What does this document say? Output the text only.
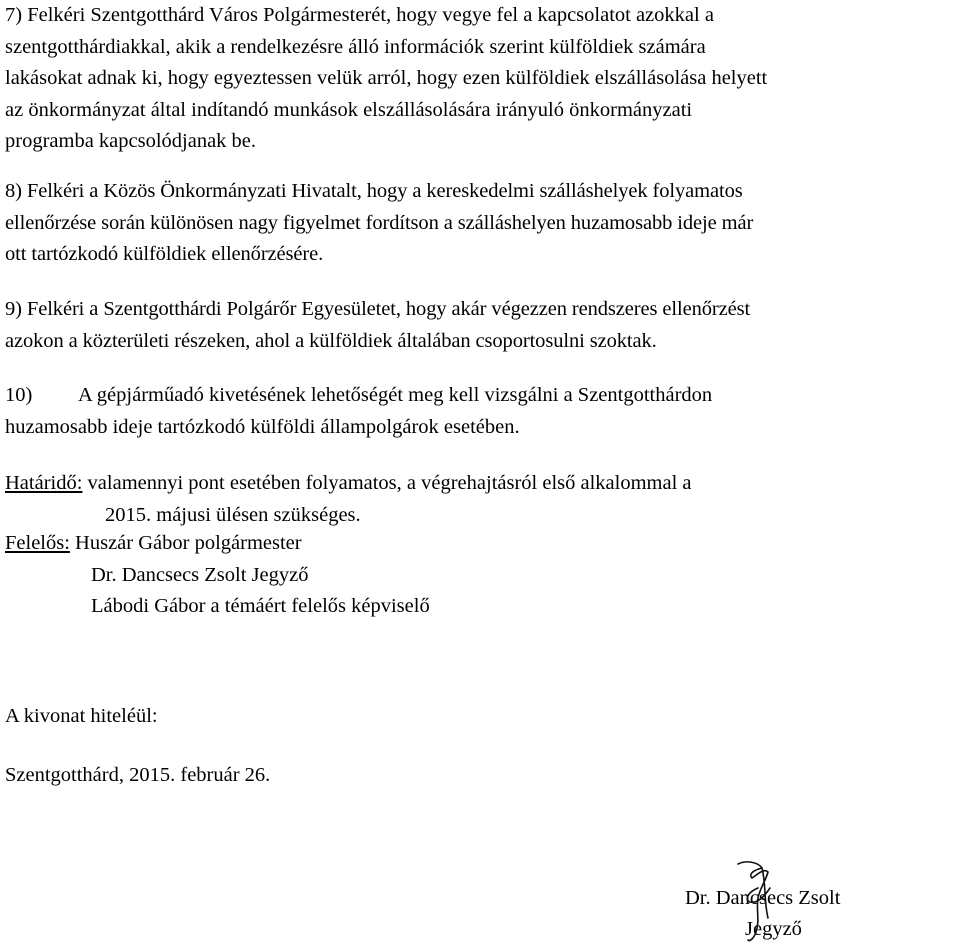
7) Felkéri Szentgotthárd Város Polgármesterét, hogy vegye fel a kapcsolatot azokkal a
szentgotthárdiakkal, akik a rendelkezésre álló információk szerint külföldiek számára
lakásokat adnak ki, hogy egyeztessen velük arról, hogy ezen külföldiek elszállásolása helyett
az önkormányzat által indítandó munkások elszállásolására irányuló önkormányzati
programba kapcsolódjanak be.

8) Felkéri a Közös Önkormányzati Hivatalt, hogy a kereskedelmi szálláshelyek folyamatos
ellenőrzése során különösen nagy figyelmet fordítson a szálláshelyen huzamosabb ideje már
ott tartózkodó külföldiek ellenőrzésére.

9) Felkéri a Szentgotthárdi Polgárőr Egyesületet, hogy akár végezzen rendszeres ellenőrzést
azokon a közterületi részeken, ahol a külföldiek általában csoportosulni szoktak.

10) A gépjárműadó kivetésének lehetőségét meg kell vizsgálni a Szentgotthárdon
huzamosabb ideje tartózkodó külföldi állampolgárok esetében.

Határidő: valamennyi pont esetében folyamatos, a végrehajtásról első alkalommal a
2015. májusi ülésen szükséges.

Felelős: Huszár Gábor polgármester
Dr. Dancsecs Zsolt Jegyző
Lábodi Gábor a témáért felelős képviselő

A kivonat hiteléül:
Szentgotthárd, 2015. február 26.
Dr. Dancsecs Zsolt
Jegyző
